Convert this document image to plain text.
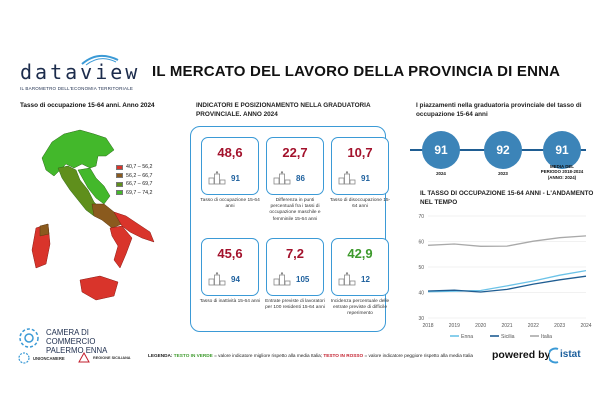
dataview
IL BAROMETRO DELL'ECONOMIA TERRITORIALE
IL MERCATO DEL LAVORO DELLA PROVINCIA DI ENNA
Tasso di occupazione 15-64 anni. Anno 2024
40,7 – 56,2
56,2 – 66,7
66,7 – 69,7
69,7 – 74,2
INDICATORI E POSIZIONAMENTO NELLA GRADUATORIA PROVINCIALE. ANNO 2024
48,6
91
Tasso di occupazione 15-64 anni
22,7
86
Differenza in punti percentuali fra i tassi di occupazione maschile e femminile 15-64 anni
10,7
91
Tasso di disoccupazione 15-64 anni
45,6
94
Tasso di inattività 15-64 anni
7,2
105
Entrate previste di lavoratori per 100 residenti 15-64 anni
42,9
12
Incidenza percentuale delle entrate previste di difficile reperimento
I piazzamenti nella graduatoria provinciale del tasso di occupazione 15-64 anni
91
2024
92
2023
91
MEDIA DEL PERIODO 2018-2024 (ANNO: 2024)
IL TASSO DI OCCUPAZIONE 15-64 ANNI - L'ANDAMENTO NEL TEMPO
30
40
50
60
70
2018	2019	2020	2021	2022	2023	2024
Enna	Sicilia	Italia
CAMERA DI COMMERCIO PALERMO ENNA
UNIONCAMERE	REGIONE SICILIANA	LEGENDA: TESTO IN VERDE = valore indicatore migliore rispetto alla media Italia; TESTO IN ROSSO = valore indicatore peggiore rispetto alla media Italia powered by istat
